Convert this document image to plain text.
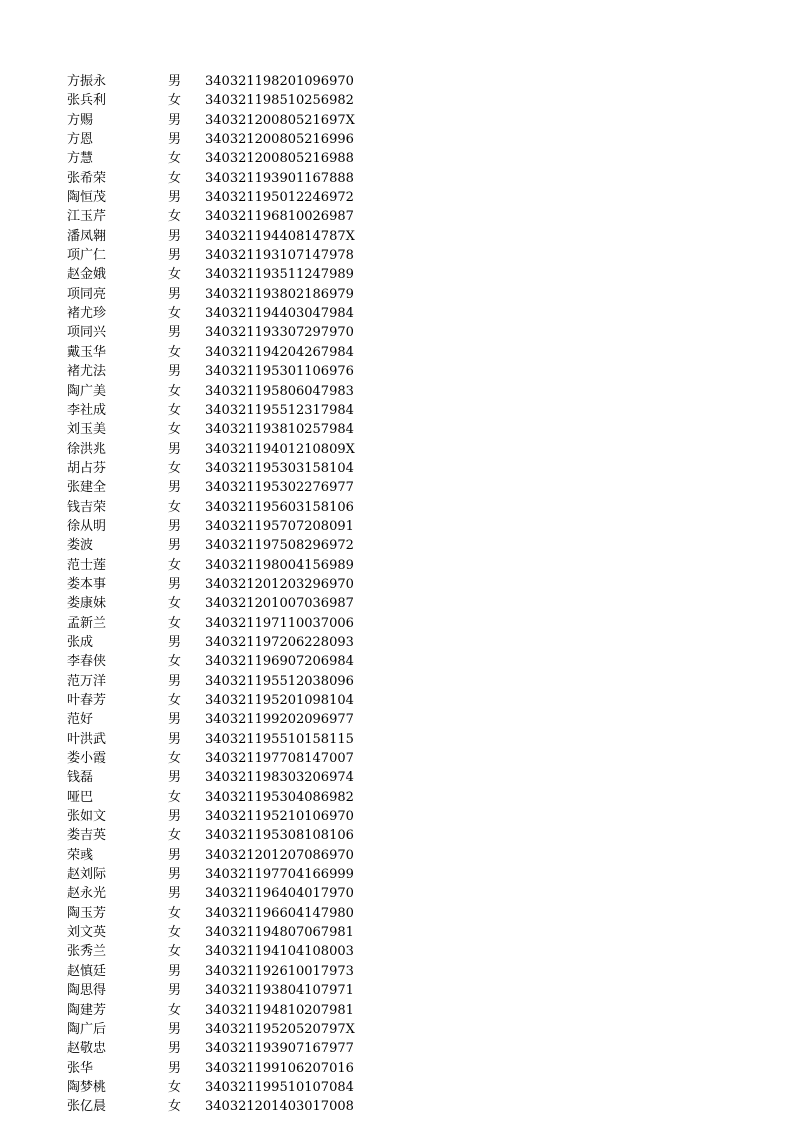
方振永	男 340321198201096970
张兵利	女 340321198510256982
方赐	男 34032120080521697X
方恩	男 340321200805216996
方慧	女 340321200805216988
张希荣	女 340321193901167888
陶恒茂	男 340321195012246972
江玉芹	女 340321196810026987
潘凤翱	男 34032119440814787X
项广仁	男 340321193107147978
赵金娥	女 340321193511247989
项同亮	男 340321193802186979
褚尤珍	女 340321194403047984
项同兴	男 340321193307297970
戴玉华	女 340321194204267984
褚尤法	男 340321195301106976
陶广美	女 340321195806047983
李社成	女 340321195512317984
刘玉美	女 340321193810257984
徐洪兆	男 34032119401210809X
胡占芬	女 340321195303158104
张建全	男 340321195302276977
钱吉荣	女 340321195603158106
徐从明	男 340321195707208091
娄波	男 340321197508296972
范士莲	女 340321198004156989
娄本事	男 340321201203296970
娄康妹	女 340321201007036987
孟新兰	女 340321197110037006
张成	男 340321197206228093
李春侠	女 340321196907206984
范万洋	男 340321195512038096
叶春芳	女 340321195201098104
范好	男 340321199202096977
叶洪武	男 340321195510158115
娄小霞	女 340321197708147007
钱磊	男 340321198303206974
哑巴	女 340321195304086982
张如文	男 340321195210106970
娄吉英	女 340321195308108106
荣彧	男 340321201207086970
赵刘际	男 340321197704166999
赵永光	男 340321196404017970
陶玉芳	女 340321196604147980
刘文英	女 340321194807067981
张秀兰	女 340321194104108003
赵慎廷	男 340321192610017973
陶思得	男 340321193804107971
陶建芳	女 340321194810207981
陶广后	男 34032119520520797X
赵敬忠	男 340321193907167977
张华	男 340321199106207016
陶梦桃	女 340321199510107084
张亿晨	女 340321201403017008
